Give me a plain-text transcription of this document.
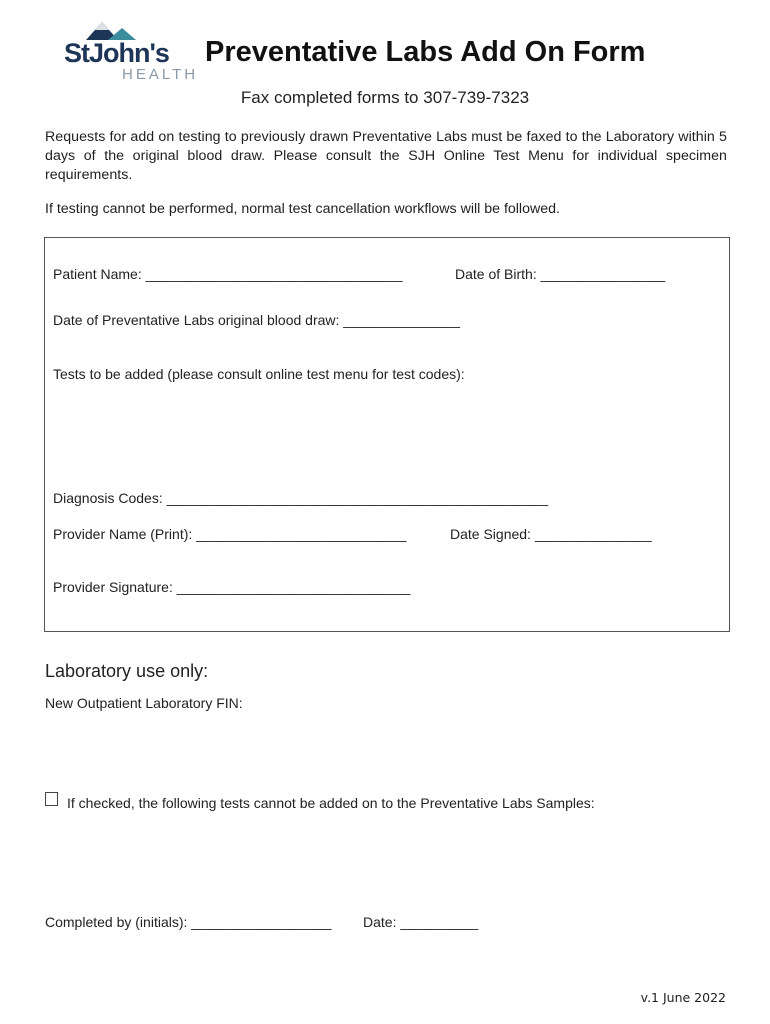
StJohn's
HEALTH
Preventative Labs Add On Form
Fax completed forms to 307-739-7323
Requests for add on testing to previously drawn Preventative Labs must be faxed to the Laboratory within 5 days of the original blood draw. Please consult the SJH Online Test Menu for individual specimen requirements.
If testing cannot be performed, normal test cancellation workflows will be followed.
Patient Name: _________________________________	Date of Birth: ________________
Date of Preventative Labs original blood draw: _______________
Tests to be added (please consult online test menu for test codes):
Diagnosis Codes: _________________________________________________
Provider Name (Print): ___________________________	Date Signed: _______________
Provider Signature: ______________________________
Laboratory use only:
New Outpatient Laboratory FIN:
If checked, the following tests cannot be added on to the Preventative Labs Samples:
Completed by (initials): __________________ Date: __________
v.1 June 2022
